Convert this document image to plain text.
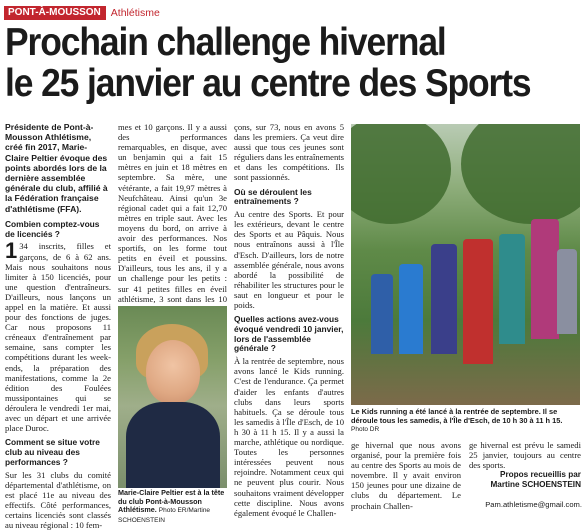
PONT-À-MOUSSON Athlétisme
Prochain challenge hivernal
le 25 janvier au centre des Sports

Présidente de Pont-à-Mousson Athlétisme, créé fin 2017, Marie-Claire Peltier évoque des points abordés lors de la dernière assemblée générale du club, affilié à la Fédération française d'athlétisme (FFA).

Combien comptez-vous de licenciés ?

1 34 inscrits, filles et garçons, de 6 à 62 ans. Mais nous souhaitons nous limiter à 150 licenciés, pour une question d'entraîneurs. D'ailleurs, nous lançons un appel en la matière. Et aussi pour des fonctions de juges. Car nous proposons 11 créneaux d'entraînement par semaine, sans compter les compétitions durant les week-ends, la préparation des manifestations, comme la 2e édition des Foulées mussipontaines qui se déroulera le vendredi 1er mai, avec un départ et une arrivée place Duroc.

Comment se situe votre club au niveau des performances ?

Sur les 31 clubs du comité départemental d'athlétisme, on est placé 11e au niveau des effectifs. Côté performances, certains licenciés sont classés au niveau régional : 10 fem-

mes et 10 garçons. Il y a aussi des performances remarquables, en disque, avec un benjamin qui a fait 15 mètres en juin et 18 mètres en septembre. Sa mère, une vétérante, a fait 19,97 mètres à Neufchâteau. Ainsi qu'un 3e régional cadet qui a fait 12,70 mètres en triple saut. Avec les moyens du bord, on arrive à avoir des performances. Nos sportifs, on les forme tout petits en éveil et poussins. D'ailleurs, tous les ans, il y a un challenge pour les petits : sur 41 petites filles en éveil athlétisme, 3 sont dans les 10

Marie-Claire Peltier est à la tête du club Pont-à-Mousson Athlétisme. Photo ER/Martine SCHOENSTEIN

çons, sur 73, nous en avons 5 dans les premiers. Ça veut dire aussi que tous ces jeunes sont réguliers dans les entraînements et dans les compétitions. Ils sont passionnés.

Où se déroulent les entraînements ?

Au centre des Sports. Et pour les extérieurs, devant le centre des Sports et au Pâquis. Nous nous entraînons aussi à l'Île d'Esch. D'ailleurs, lors de notre assemblée générale, nous avons abordé la possibilité de réhabiliter les structures pour le saut en longueur et pour le poids.

Quelles actions avez-vous évoqué vendredi 10 janvier, lors de l'assemblée générale ?

À la rentrée de septembre, nous avons lancé le Kids running. C'est de l'endurance. Ça permet d'aider les enfants d'autres clubs dans leurs sports habituels. Ça se déroule tous les samedis à l'Île d'Esch, de 10 h 30 à 11 h 15. Il y a aussi la marche, athlétique ou nordique. Toutes les personnes intéressées peuvent nous rejoindre. Notamment ceux qui ne peuvent plus courir. Nous souhaitons vraiment développer cette discipline. Nous avons également évoqué le Challen-

Le Kids running a été lancé à la rentrée de septembre. Il se déroule tous les samedis, à l'Île d'Esch, de 10 h 30 à 11 h 15.
Photo DR

ge hivernal que nous avons organisé, pour la première fois au centre des Sports au mois de novembre. Il y avait environ 150 jeunes pour une dizaine de clubs du département. Le prochain Challen-

ge hivernal est prévu le samedi 25 janvier, toujours au centre des sports.

Propos recueillis par

Martine SCHOENSTEIN

Pam.athletisme@gmail.com.
